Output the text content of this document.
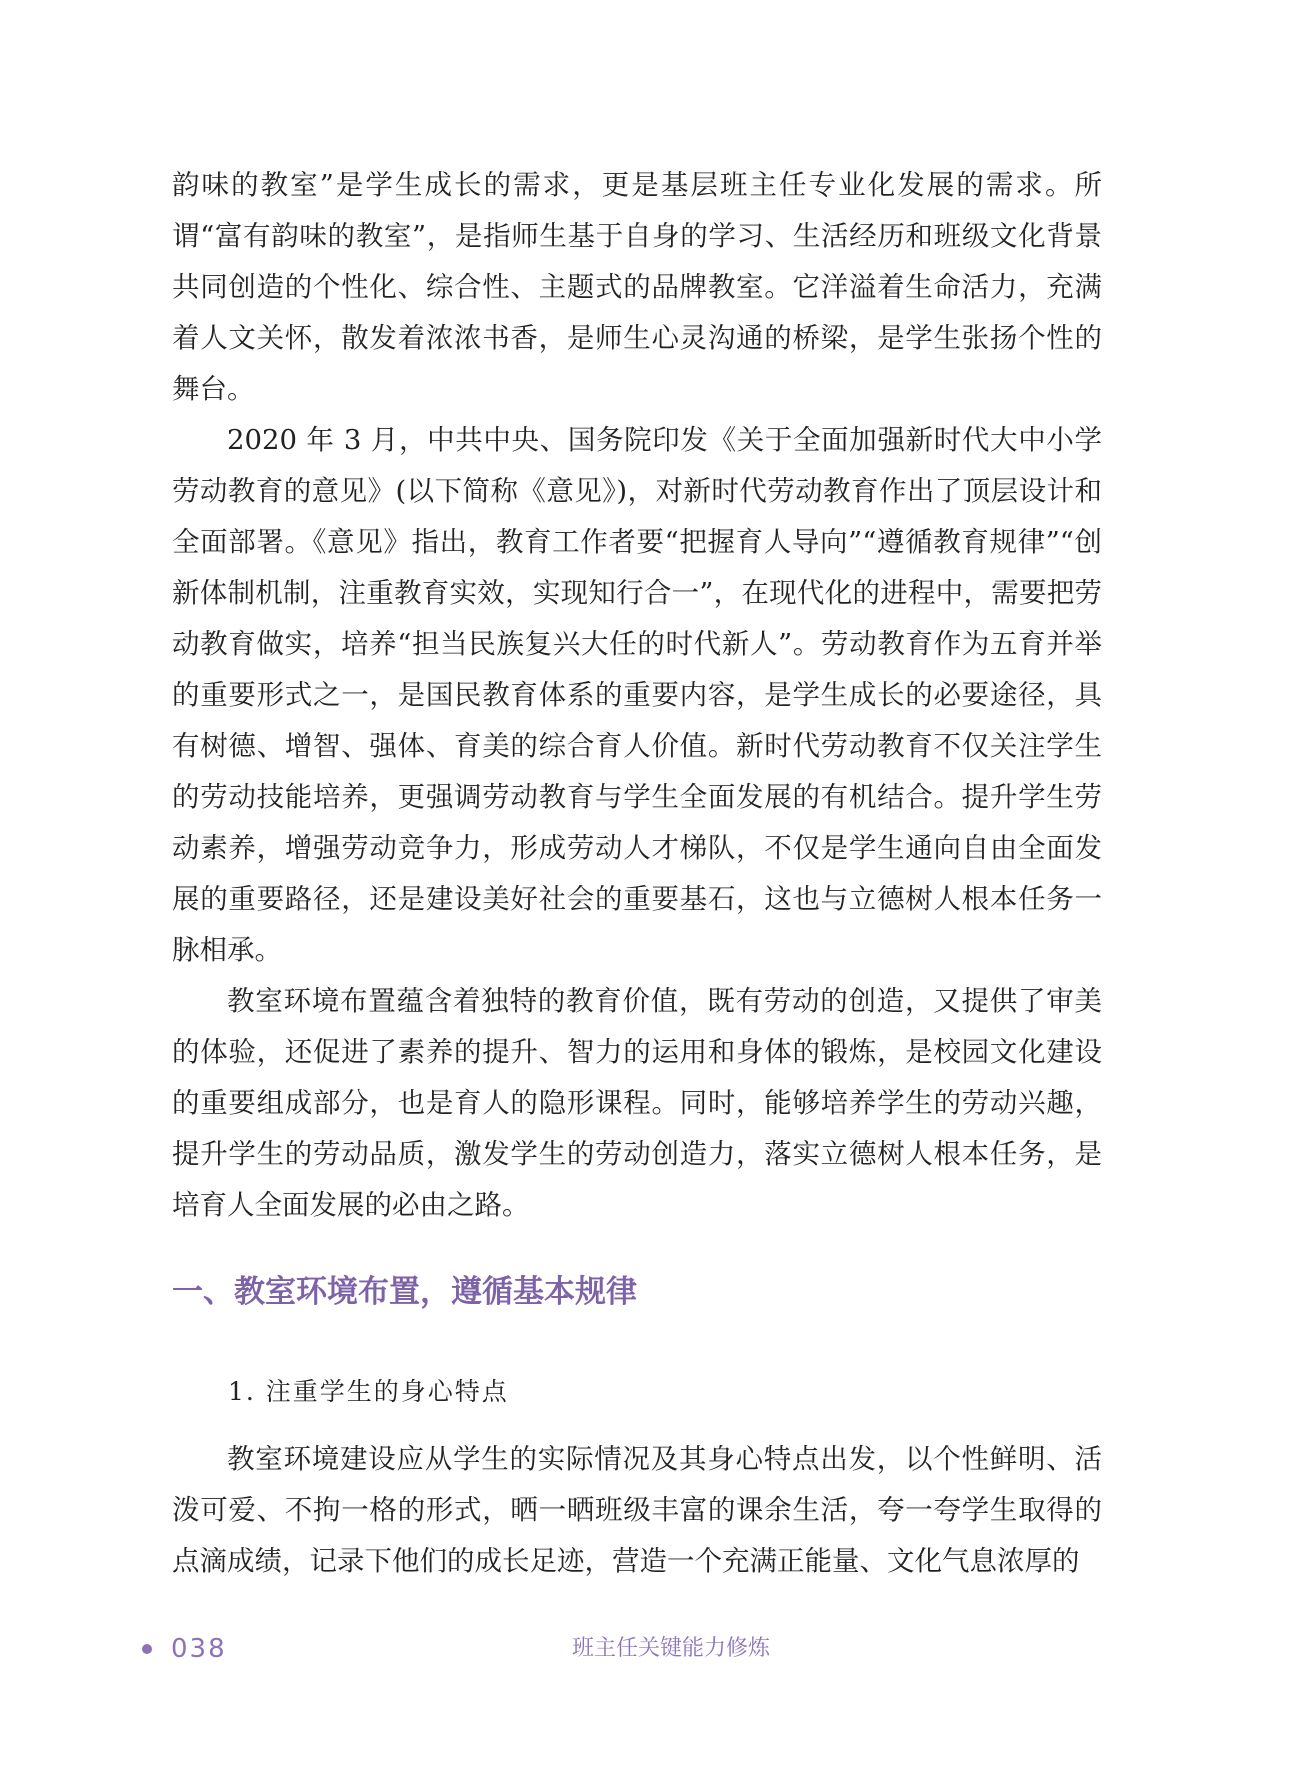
韵味的教室”是学生成长的需求，更是基层班主任专业化发展的需求。所谓“富有韵味的教室”，是指师生基于自身的学习、生活经历和班级文化背景共同创造的个性化、综合性、主题式的品牌教室。它洋溢着生命活力，充满着人文关怀，散发着浓浓书香，是师生心灵沟通的桥梁，是学生张扬个性的舞台。

2020 年 3 月，中共中央、国务院印发《关于全面加强新时代大中小学劳动教育的意见》(以下简称《意见》)，对新时代劳动教育作出了顶层设计和全面部署。《意见》指出，教育工作者要“把握育人导向”“遵循教育规律”“创新体制机制，注重教育实效，实现知行合一”，在现代化的进程中，需要把劳动教育做实，培养“担当民族复兴大任的时代新人”。劳动教育作为五育并举的重要形式之一，是国民教育体系的重要内容，是学生成长的必要途径，具有树德、增智、强体、育美的综合育人价值。新时代劳动教育不仅关注学生的劳动技能培养，更强调劳动教育与学生全面发展的有机结合。提升学生劳动素养，增强劳动竞争力，形成劳动人才梯队，不仅是学生通向自由全面发展的重要路径，还是建设美好社会的重要基石，这也与立德树人根本任务一脉相承。

教室环境布置蕴含着独特的教育价值，既有劳动的创造，又提供了审美的体验，还促进了素养的提升、智力的运用和身体的锻炼，是校园文化建设的重要组成部分，也是育人的隐形课程。同时，能够培养学生的劳动兴趣，提升学生的劳动品质，激发学生的劳动创造力，落实立德树人根本任务，是培育人全面发展的必由之路。

一、教室环境布置，遵循基本规律
1. 注重学生的身心特点

教室环境建设应从学生的实际情况及其身心特点出发，以个性鲜明、活泼可爱、不拘一格的形式，晒一晒班级丰富的课余生活，夸一夸学生取得的点滴成绩，记录下他们的成长足迹，营造一个充满正能量、文化气息浓厚的

038	班主任关键能力修炼
